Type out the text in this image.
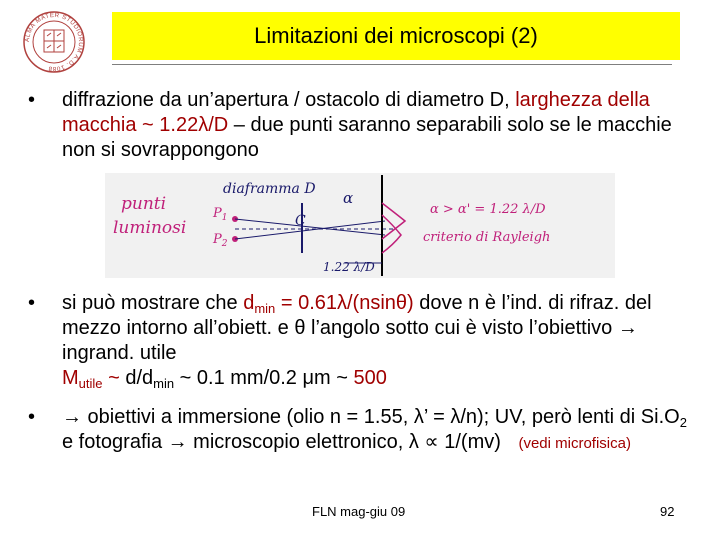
ALMA MATER STUDIORUM A.D. 1088
Limitazioni dei microscopi (2)
• diffrazione da un’apertura / ostacolo di diametro D, larghezza della macchia ~ 1.22λ/D – due punti saranno separabili solo se le macchie non si sovrappongono
punti
luminosi
diaframma D α
$P_1$
$P_2$
C
1.22 λ/D
α > α' = 1.22 λ/D
criterio di Rayleigh
• si può mostrare che $d_{min} = 0.61\lambda/(nsin\theta)$ dove n è l’ind. di rifraz. del mezzo intorno all’obiett. e θ l’angolo sotto cui è visto l’obiettivo → ingrand. utile
$M_{utile}$ ~ $d/d_{min}$ ~ 0.1 mm/0.2 μm ~ 500
• → obiettivi a immersione (olio n = 1.55, λ’ = λ/n); UV, però lenti di $Si.O_2$ e fotografia → microscopio elettronico, λ ∝ 1/(mv) (vedi microfisica)
FLN mag-giu 09	92
